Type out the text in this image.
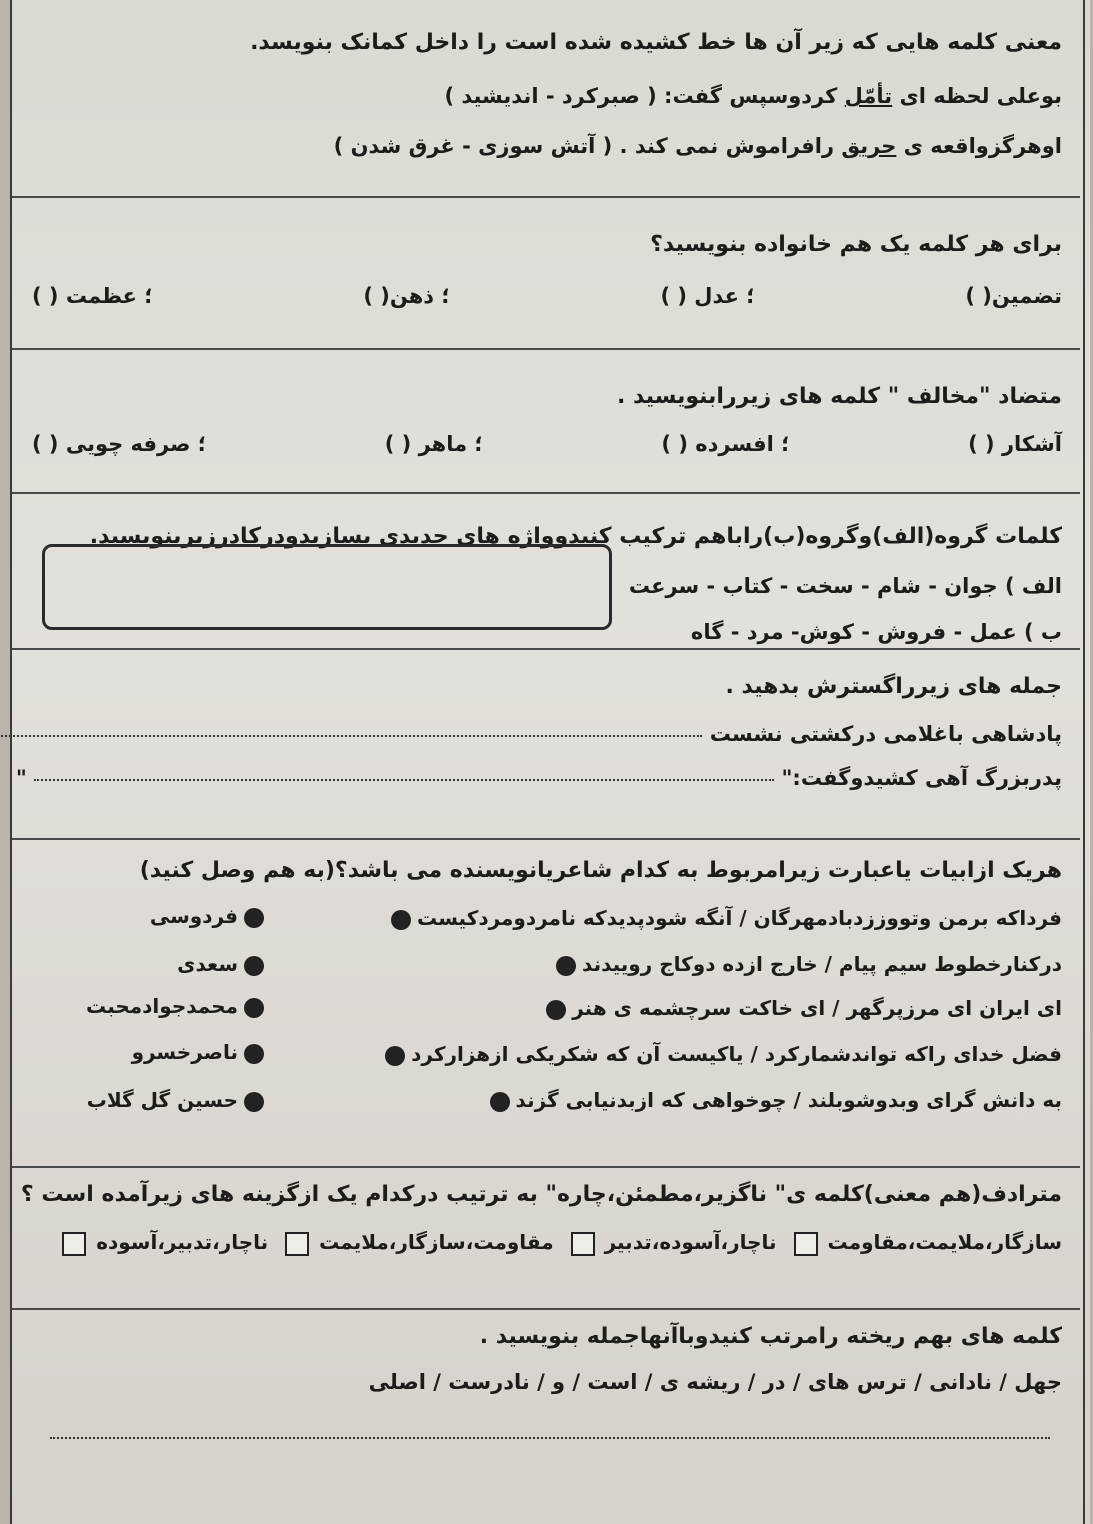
معنی کلمه هایی که زیر آن ها خط کشیده شده است را داخل کمانک بنویسد.
بوعلی لحظه ای تأمّل کردوسپس گفت: ( صبرکرد - اندیشید )
اوهرگزواقعه ی حریق رافراموش نمی کند . ( آتش سوزی - غرق شدن )
برای هر کلمه یک هم خانواده بنویسید؟
تضمین( )
؛ عدل ( )
؛ ذهن( )
؛ عظمت ( )
متضاد "مخالف " کلمه های زیررابنویسید .
آشکار ( )
؛ افسرده ( )
؛ ماهر ( )
؛ صرفه چویی ( )
کلمات گروه(الف)وگروه(ب)راباهم ترکیب کنیدوواژه های جدیدی بسازیدودرکادرزیربنویسید.
الف ) جوان - شام - سخت - کتاب - سرعت
ب ) عمل - فروش - کوش- مرد - گاه
جمله های زیرراگسترش بدهید .
پادشاهی باغلامی درکشتی نشست
پدربزرگ آهی کشیدوگفت:"  "
هریک ازابیات یاعبارت زیرامربوط به کدام شاعریانویسنده می باشد؟(به هم وصل کنید)
فرداکه برمن وتووززدبادمهرگان / آنگه شودپدیدکه نامردومردکیست
درکنارخطوط سیم پیام / خارج ازده دوکاج روییدند
ای ایران ای مرزپرگهر / ای خاکت سرچشمه ی هنر
فضل خدای راکه تواندشمارکرد / یاکیست آن که شکریکی ازهزارکرد
به دانش گرای وبدوشوبلند / چوخواهی که ازبدنیابی گزند
فردوسی
سعدی
محمدجوادمحبت
ناصرخسرو
حسین گل گلاب
مترادف(هم معنی)کلمه ی" ناگزیر،مطمئن،چاره" به ترتیب درکدام یک ازگزینه های زیرآمده است ؟
سازگار،ملایمت،مقاومت ناچار،آسوده،تدبیر مقاومت،سازگار،ملایمت ناچار،تدبیر،آسوده
کلمه های بهم ریخته رامرتب کنیدوباآنهاجمله بنویسید .
جهل / نادانی / ترس های / در / ریشه ی / است / و / نادرست / اصلی
